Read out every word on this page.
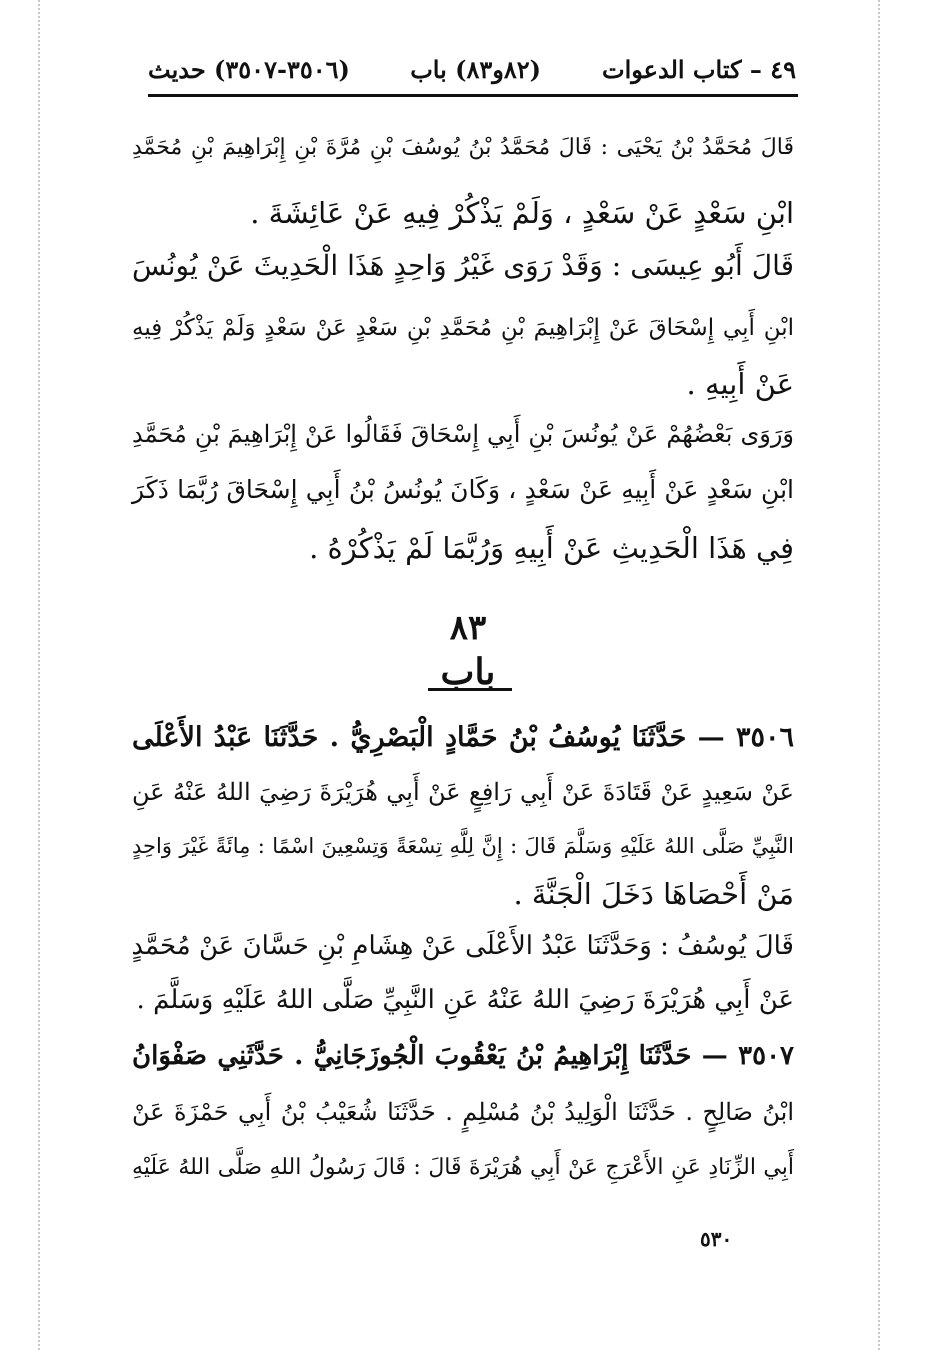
٤٩ – كتاب الدعوات
(٨٢و٨٣) باب
(٣٥٠٦-٣٥٠٧) حديث
قَالَ مُحَمَّدُ بْنُ يَحْيَى : قَالَ مُحَمَّدُ بْنُ يُوسُفَ بْنِ مُرَّةَ بْنِ إِبْرَاهِيمَ بْنِ مُحَمَّدِ
ابْنِ سَعْدٍ عَنْ سَعْدٍ ، وَلَمْ يَذْكُرْ فِيهِ عَنْ عَائِشَةَ .
قَالَ أَبُو عِيسَى : وَقَدْ رَوَى غَيْرُ وَاحِدٍ هَذَا الْحَدِيثَ عَنْ يُونُسَ
ابْنِ أَبِي إِسْحَاقَ عَنْ إِبْرَاهِيمَ بْنِ مُحَمَّدِ بْنِ سَعْدٍ عَنْ سَعْدٍ وَلَمْ يَذْكُرْ فِيهِ
عَنْ أَبِيهِ .
وَرَوَى بَعْضُهُمْ عَنْ يُونُسَ بْنِ أَبِي إِسْحَاقَ فَقَالُوا عَنْ إِبْرَاهِيمَ بْنِ مُحَمَّدِ
ابْنِ سَعْدٍ عَنْ أَبِيهِ عَنْ سَعْدٍ ، وَكَانَ يُونُسُ بْنُ أَبِي إِسْحَاقَ رُبَّمَا ذَكَرَ
فِي هَذَا الْحَدِيثِ عَنْ أَبِيهِ وَرُبَّمَا لَمْ يَذْكُرْهُ .
٨٣
باب
٣٥٠٦ — حَدَّثَنَا يُوسُفُ بْنُ حَمَّادٍ الْبَصْرِيُّ . حَدَّثَنَا عَبْدُ الأَعْلَى
عَنْ سَعِيدٍ عَنْ قَتَادَةَ عَنْ أَبِي رَافِعٍ عَنْ أَبِي هُرَيْرَةَ رَضِيَ اللهُ عَنْهُ عَنِ
النَّبِيِّ صَلَّى اللهُ عَلَيْهِ وَسَلَّمَ قَالَ : إِنَّ لِلَّهِ تِسْعَةً وَتِسْعِينَ اسْمًا : مِائَةً غَيْرَ وَاحِدٍ
مَنْ أَحْصَاهَا دَخَلَ الْجَنَّةَ .
قَالَ يُوسُفُ : وَحَدَّثَنَا عَبْدُ الأَعْلَى عَنْ هِشَامِ بْنِ حَسَّانَ عَنْ مُحَمَّدٍ
عَنْ أَبِي هُرَيْرَةَ رَضِيَ اللهُ عَنْهُ عَنِ النَّبِيِّ صَلَّى اللهُ عَلَيْهِ وَسَلَّمَ .
٣٥٠٧ — حَدَّثَنَا إِبْرَاهِيمُ بْنُ يَعْقُوبَ الْجُوزَجَانِيُّ . حَدَّثَنِي صَفْوَانُ
ابْنُ صَالِحٍ . حَدَّثَنَا الْوَلِيدُ بْنُ مُسْلِمٍ . حَدَّثَنَا شُعَيْبُ بْنُ أَبِي حَمْزَةَ عَنْ
أَبِي الزِّنَادِ عَنِ الأَعْرَجِ عَنْ أَبِي هُرَيْرَةَ قَالَ : قَالَ رَسُولُ اللهِ صَلَّى اللهُ عَلَيْهِ
٥٣٠
